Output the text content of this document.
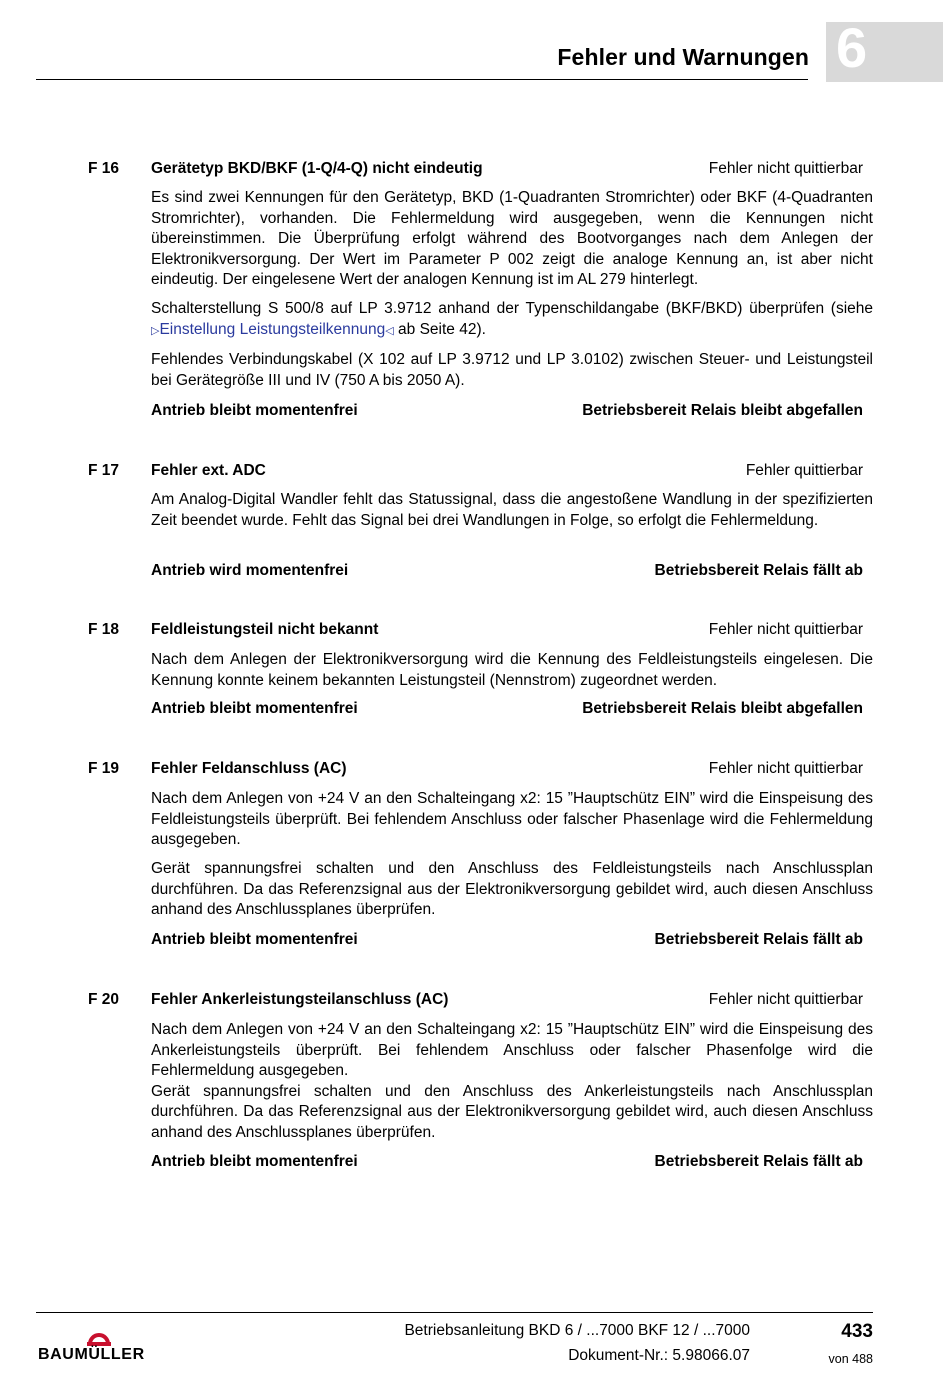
Fehler und Warnungen 6
F 16 Gerätetyp BKD/BKF (1-Q/4-Q) nicht eindeutig	Fehler nicht quittierbar

Es sind zwei Kennungen für den Gerätetyp, BKD (1-Quadranten Stromrichter) oder BKF (4-Quadranten Stromrichter), vorhanden. Die Fehlermeldung wird ausgegeben, wenn die Kennungen nicht übereinstimmen. Die Überprüfung erfolgt während des Bootvorganges nach dem Anlegen der Elektronikversorgung. Der Wert im Parameter P 002 zeigt die analoge Kennung an, ist aber nicht eindeutig. Der eingelesene Wert der analogen Kennung ist im AL 279 hinterlegt.

Schalterstellung S 500/8 auf LP 3.9712 anhand der Typenschildangabe (BKF/BKD) überprüfen (siehe ▷Einstellung Leistungsteilkennung◁ ab Seite 42).

Fehlendes Verbindungskabel (X 102 auf LP 3.9712 und LP 3.0102) zwischen Steuer- und Leistungsteil bei Gerätegröße III und IV (750 A bis 2050 A).

Antrieb bleibt momentenfrei	Betriebsbereit Relais bleibt abgefallen
F 17 Fehler ext. ADC	Fehler quittierbar

Am Analog-Digital Wandler fehlt das Statussignal, dass die angestoßene Wandlung in der spezifizierten Zeit beendet wurde. Fehlt das Signal bei drei Wandlungen in Folge, so erfolgt die Fehlermeldung.

Antrieb wird momentenfrei	Betriebsbereit Relais fällt ab
F 18 Feldleistungsteil nicht bekannt	Fehler nicht quittierbar

Nach dem Anlegen der Elektronikversorgung wird die Kennung des Feldleistungsteils eingelesen. Die Kennung konnte keinem bekannten Leistungsteil (Nennstrom) zugeordnet werden.

Antrieb bleibt momentenfrei	Betriebsbereit Relais bleibt abgefallen
F 19 Fehler Feldanschluss (AC)	Fehler nicht quittierbar

Nach dem Anlegen von +24 V an den Schalteingang x2: 15 ”Hauptschütz EIN” wird die Einspeisung des Feldleistungsteils überprüft. Bei fehlendem Anschluss oder falscher Phasenlage wird die Fehlermeldung ausgegeben.

Gerät spannungsfrei schalten und den Anschluss des Feldleistungsteils nach Anschlussplan durchführen. Da das Referenzsignal aus der Elektronikversorgung gebildet wird, auch diesen Anschluss anhand des Anschlussplanes überprüfen.

Antrieb bleibt momentenfrei	Betriebsbereit Relais fällt ab
F 20 Fehler Ankerleistungsteilanschluss (AC)	Fehler nicht quittierbar

Nach dem Anlegen von +24 V an den Schalteingang x2: 15 ”Hauptschütz EIN” wird die Einspeisung des Ankerleistungsteils überprüft. Bei fehlendem Anschluss oder falscher Phasenfolge wird die Fehlermeldung ausgegeben.

Gerät spannungsfrei schalten und den Anschluss des Ankerleistungsteils nach Anschlussplan durchführen. Da das Referenzsignal aus der Elektronikversorgung gebildet wird, auch diesen Anschluss anhand des Anschlussplanes überprüfen.

Antrieb bleibt momentenfrei	Betriebsbereit Relais fällt ab
BAUMÜLLER
Betriebsanleitung BKD 6 / ...7000 BKF 12 / ...7000
Dokument-Nr.: 5.98066.07
433
von 488
